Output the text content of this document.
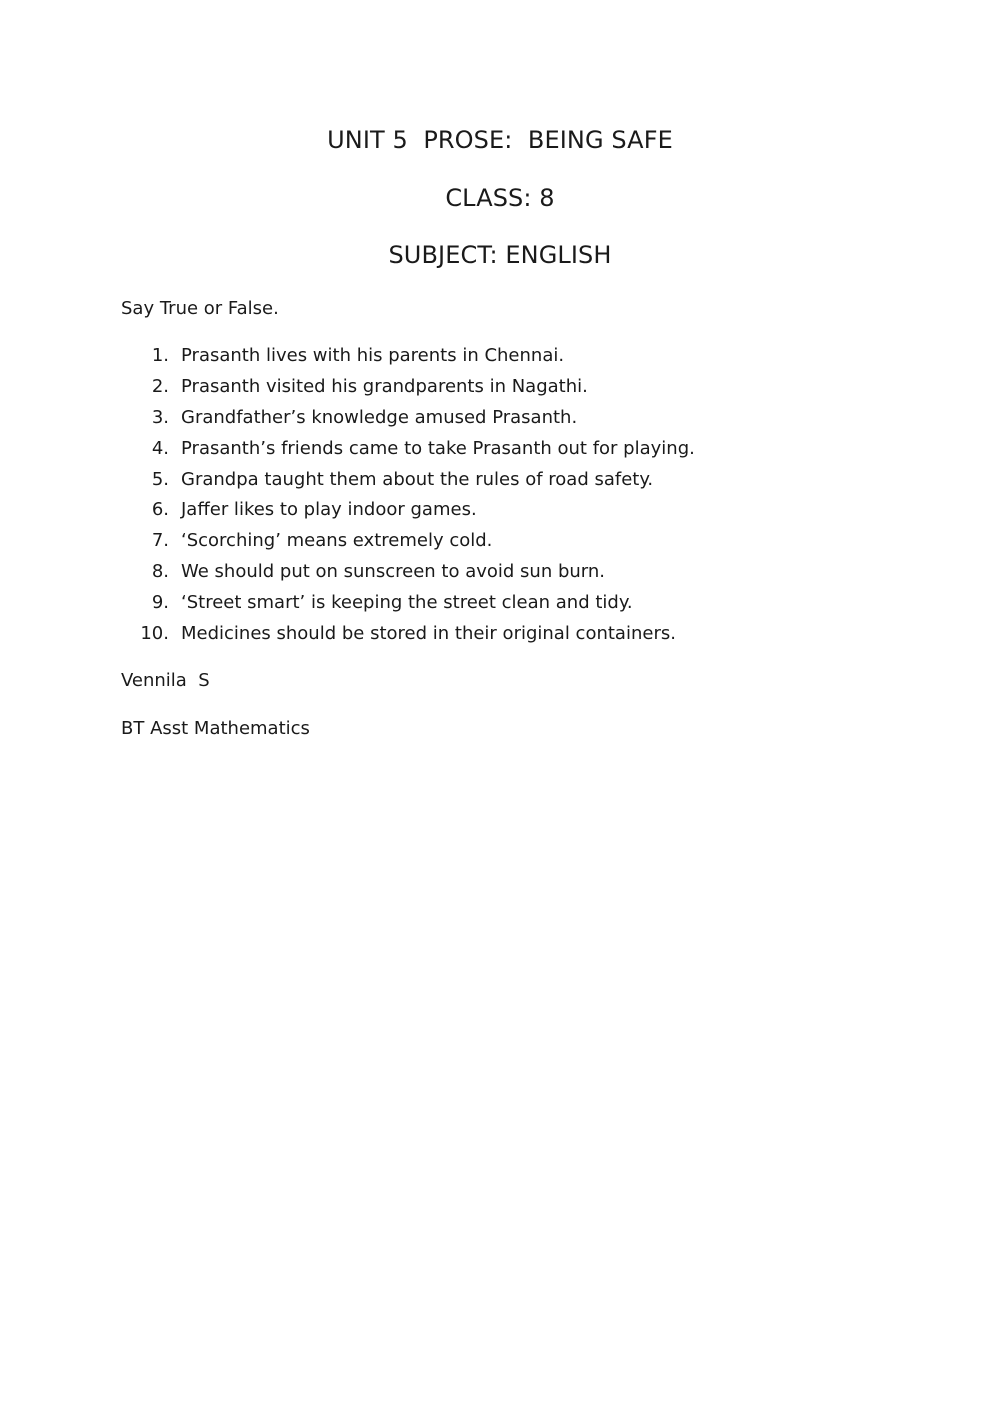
UNIT 5  PROSE:  BEING SAFE
CLASS: 8
SUBJECT: ENGLISH
Say True or False.

1.

Prasanth lives with his parents in Chennai.

2.

Prasanth visited his grandparents in Nagathi.

3.

Grandfather’s knowledge amused Prasanth.

4.

Prasanth’s friends came to take Prasanth out for playing.

5.

Grandpa taught them about the rules of road safety.

6.

Jaffer likes to play indoor games.

7.

‘Scorching’ means extremely cold.

8.

We should put on sunscreen to avoid sun burn.

9.

‘Street smart’ is keeping the street clean and tidy.

10.

Medicines should be stored in their original containers.

Vennila  S
BT Asst Mathematics
